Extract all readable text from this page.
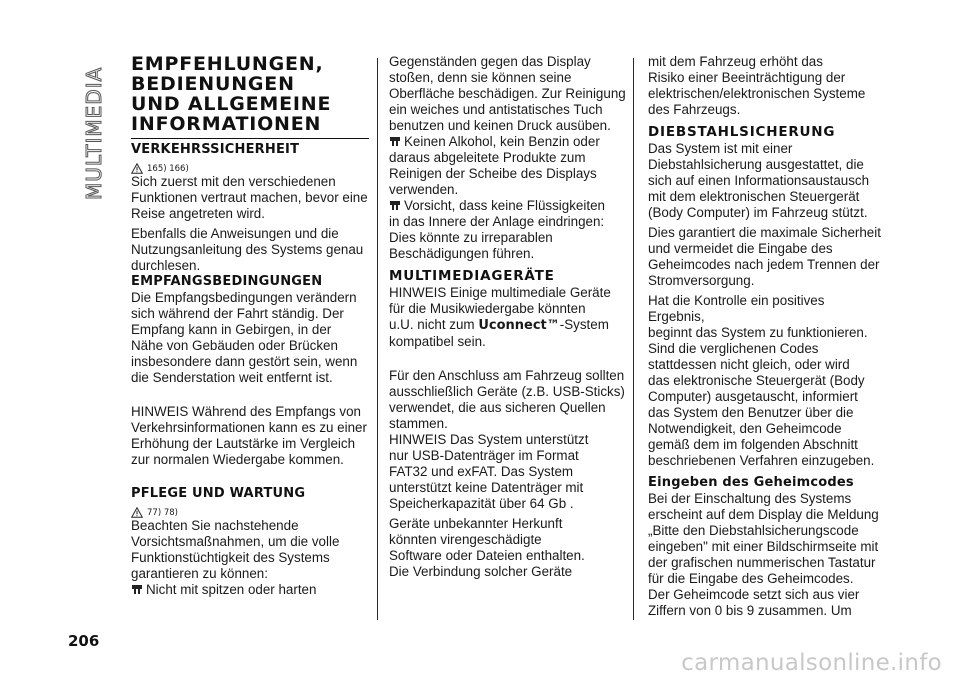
MULTIMEDIA
EMPFEHLUNGEN,
BEDIENUNGEN
UND ALLGEMEINE
INFORMATIONEN
VERKEHRSSICHERHEIT
165) 166)

Sich zuerst mit den verschiedenen
Funktionen vertraut machen, bevor eine
Reise angetreten wird.

Ebenfalls die Anweisungen und die
Nutzungsanleitung des Systems genau
durchlesen.

EMPFANGSBEDINGUNGEN

Die Empfangsbedingungen verändern
sich während der Fahrt ständig. Der
Empfang kann in Gebirgen, in der
Nähe von Gebäuden oder Brücken
insbesondere dann gestört sein, wenn
die Senderstation weit entfernt ist.

HINWEIS Während des Empfangs von
Verkehrsinformationen kann es zu einer
Erhöhung der Lautstärke im Vergleich
zur normalen Wiedergabe kommen.

PFLEGE UND WARTUNG
77) 78)

Beachten Sie nachstehende
Vorsichtsmaßnahmen, um die volle
Funktionstüchtigkeit des Systems
garantieren zu können:

Nicht mit spitzen oder harten

Gegenständen gegen das Display
stoßen, denn sie können seine
Oberfläche beschädigen. Zur Reinigung
ein weiches und antistatisches Tuch
benutzen und keinen Druck ausüben.

Keinen Alkohol, kein Benzin oder
daraus abgeleitete Produkte zum
Reinigen der Scheibe des Displays
verwenden.

Vorsicht, dass keine Flüssigkeiten
in das Innere der Anlage eindringen:
Dies könnte zu irreparablen
Beschädigungen führen.

MULTIMEDIAGERÄTE

HINWEIS Einige multimediale Geräte
für die Musikwiedergabe könnten
u.U. nicht zum Uconnect™-System
kompatibel sein.

Für den Anschluss am Fahrzeug sollten
ausschließlich Geräte (z.B. USB-Sticks)
verwendet, die aus sicheren Quellen
stammen.

HINWEIS Das System unterstützt
nur USB-Datenträger im Format
FAT32 und exFAT. Das System
unterstützt keine Datenträger mit
Speicherkapazität über 64 Gb .

Geräte unbekannter Herkunft
könnten virengeschädigte
Software oder Dateien enthalten.
Die Verbindung solcher Geräte

mit dem Fahrzeug erhöht das
Risiko einer Beeinträchtigung der
elektrischen/elektronischen Systeme
des Fahrzeugs.

DIEBSTAHLSICHERUNG

Das System ist mit einer
Diebstahlsicherung ausgestattet, die
sich auf einen Informationsaustausch
mit dem elektronischen Steuergerät
(Body Computer) im Fahrzeug stützt.

Dies garantiert die maximale Sicherheit
und vermeidet die Eingabe des
Geheimcodes nach jedem Trennen der
Stromversorgung.

Hat die Kontrolle ein positives Ergebnis,
beginnt das System zu funktionieren.
Sind die verglichenen Codes
stattdessen nicht gleich, oder wird
das elektronische Steuergerät (Body
Computer) ausgetauscht, informiert
das System den Benutzer über die
Notwendigkeit, den Geheimcode
gemäß dem im folgenden Abschnitt
beschriebenen Verfahren einzugeben.

Eingeben des Geheimcodes

Bei der Einschaltung des Systems
erscheint auf dem Display die Meldung
„Bitte den Diebstahlsicherungscode
eingeben" mit einer Bildschirmseite mit
der grafischen nummerischen Tastatur
für die Eingabe des Geheimcodes.

Der Geheimcode setzt sich aus vier
Ziffern von 0 bis 9 zusammen. Um

206
carmanualsonline.info
